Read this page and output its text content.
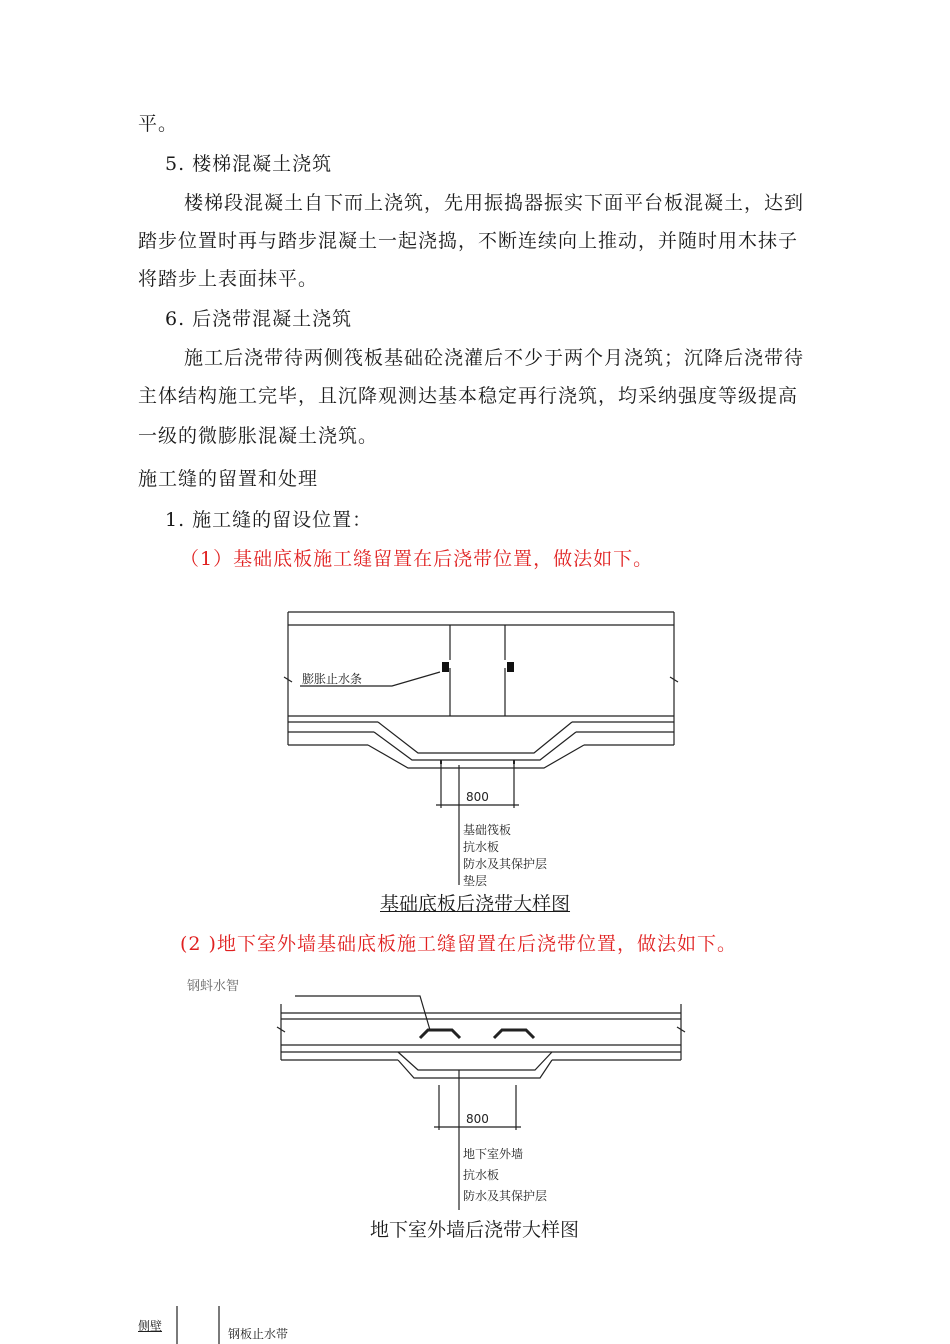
平。
5. 楼梯混凝土浇筑
楼梯段混凝土自下而上浇筑，先用振捣器振实下面平台板混凝土，达到
踏步位置时再与踏步混凝土一起浇捣，不断连续向上推动，并随时用木抹子
将踏步上表面抹平。
6. 后浇带混凝土浇筑
施工后浇带待两侧筏板基础砼浇灌后不少于两个月浇筑；沉降后浇带待
主体结构施工完毕，且沉降观测达基本稳定再行浇筑，均采纳强度等级提高
一级的微膨胀混凝土浇筑。
施工缝的留置和处理
1. 施工缝的留设位置：
（1）基础底板施工缝留置在后浇带位置，做法如下。
膨胀止水条
800
基础筏板
抗水板
防水及其保护层
垫层
基础底板后浇带大样图
(2 )地下室外墙基础底板施工缝留置在后浇带位置，做法如下。
钢蚪水智
800
地下室外墙
抗水板
防水及其保护层
地下室外墙后浇带大样图
侧壁
钢板止水带
